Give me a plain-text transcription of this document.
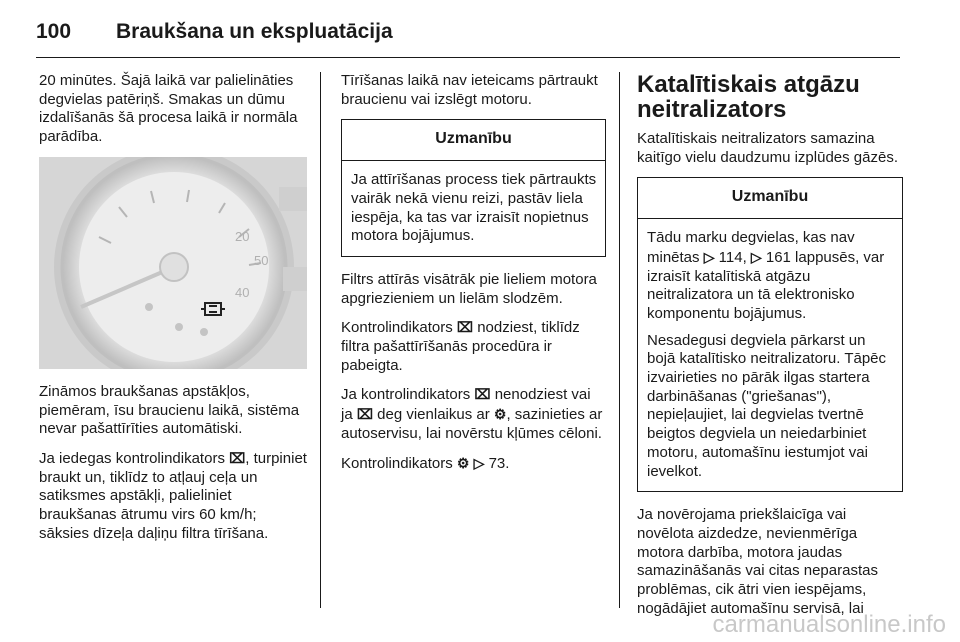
100	Braukšana un ekspluatācija

20 minūtes. Šajā laikā var palielināties degvielas patēriņš. Smakas un dūmu izdalīšanās šā procesa laikā ir normāla parādība.

20
40
50

Zināmos braukšanas apstākļos, piemēram, īsu braucienu laikā, sistēma nevar pašattīrīties automātiski.

Ja iedegas kontrolindikators ⌧, turpiniet braukt un, tiklīdz to atļauj ceļa un satiksmes apstākļi, palieliniet braukšanas ātrumu virs 60 km/h; sāksies dīzeļa daļiņu filtra tīrīšana.

Tīrīšanas laikā nav ieteicams pārtraukt braucienu vai izslēgt motoru.

Uzmanību

Ja attīrīšanas process tiek pārtraukts vairāk nekā vienu reizi, pastāv liela iespēja, ka tas var izraisīt nopietnus motora bojājumus.

Filtrs attīrās visātrāk pie lieliem motora apgriezieniem un lielām slodzēm.

Kontrolindikators ⌧ nodziest, tiklīdz filtra pašattīrīšanās procedūra ir pabeigta.

Ja kontrolindikators ⌧ nenodziest vai ja ⌧ deg vienlaikus ar ⚙, sazinieties ar autoservisu, lai novērstu kļūmes cēloni.

Kontrolindikators ⚙ ▷ 73.

Katalītiskais atgāzu neitralizators

Katalītiskais neitralizators samazina kaitīgo vielu daudzumu izplūdes gāzēs.

Uzmanību

Tādu marku degvielas, kas nav minētas ▷ 114, ▷ 161 lappusēs, var izraisīt katalītiskā atgāzu neitralizatora un tā elektronisko komponentu bojājumus.

Nesadegusi degviela pārkarst un bojā katalītisko neitralizatoru. Tāpēc izvairieties no pārāk ilgas startera darbināšanas ("griešanas"), nepieļaujiet, lai degvielas tvertnē beigtos degviela un neiedarbiniet motoru, automašīnu iestumjot vai ievelkot.

Ja novērojama priekšlaicīga vai novēlota aizdedze, nevienmērīga motora darbība, motora jaudas samazināšanās vai citas neparastas problēmas, cik ātri vien iespējams, nogādājiet automašīnu servisā, lai

carmanualsonline.info
